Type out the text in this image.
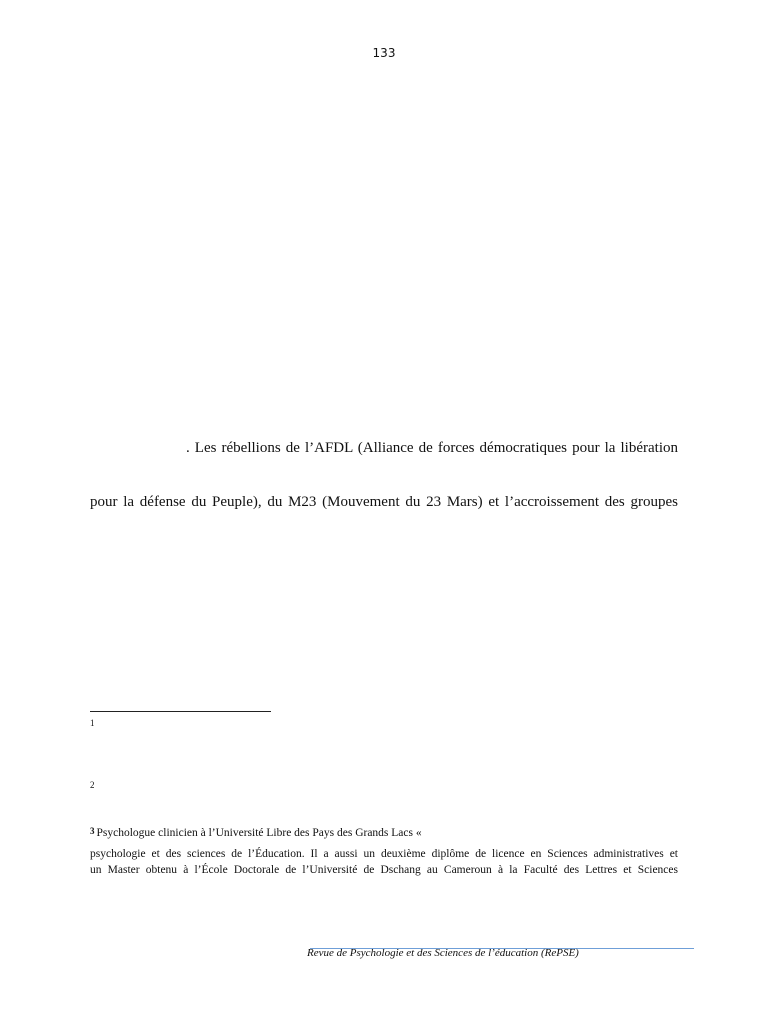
133
. Les rébellions de l’AFDL (Alliance de forces démocratiques pour la libération
pour la défense du Peuple), du M23 (Mouvement du 23 Mars) et l’accroissement des groupes
1
2
$^3$ Psychologue clinicien à l’Université Libre des Pays des Grands Lacs «
psychologie et des sciences de l’Éducation. Il a aussi un deuxième diplôme de licence en Sciences administratives et
un Master obtenu à l’École Doctorale de l’Université de Dschang au Cameroun à la Faculté des Lettres et Sciences
Revue de Psychologie et des Sciences de l’éducation (RePSE)
